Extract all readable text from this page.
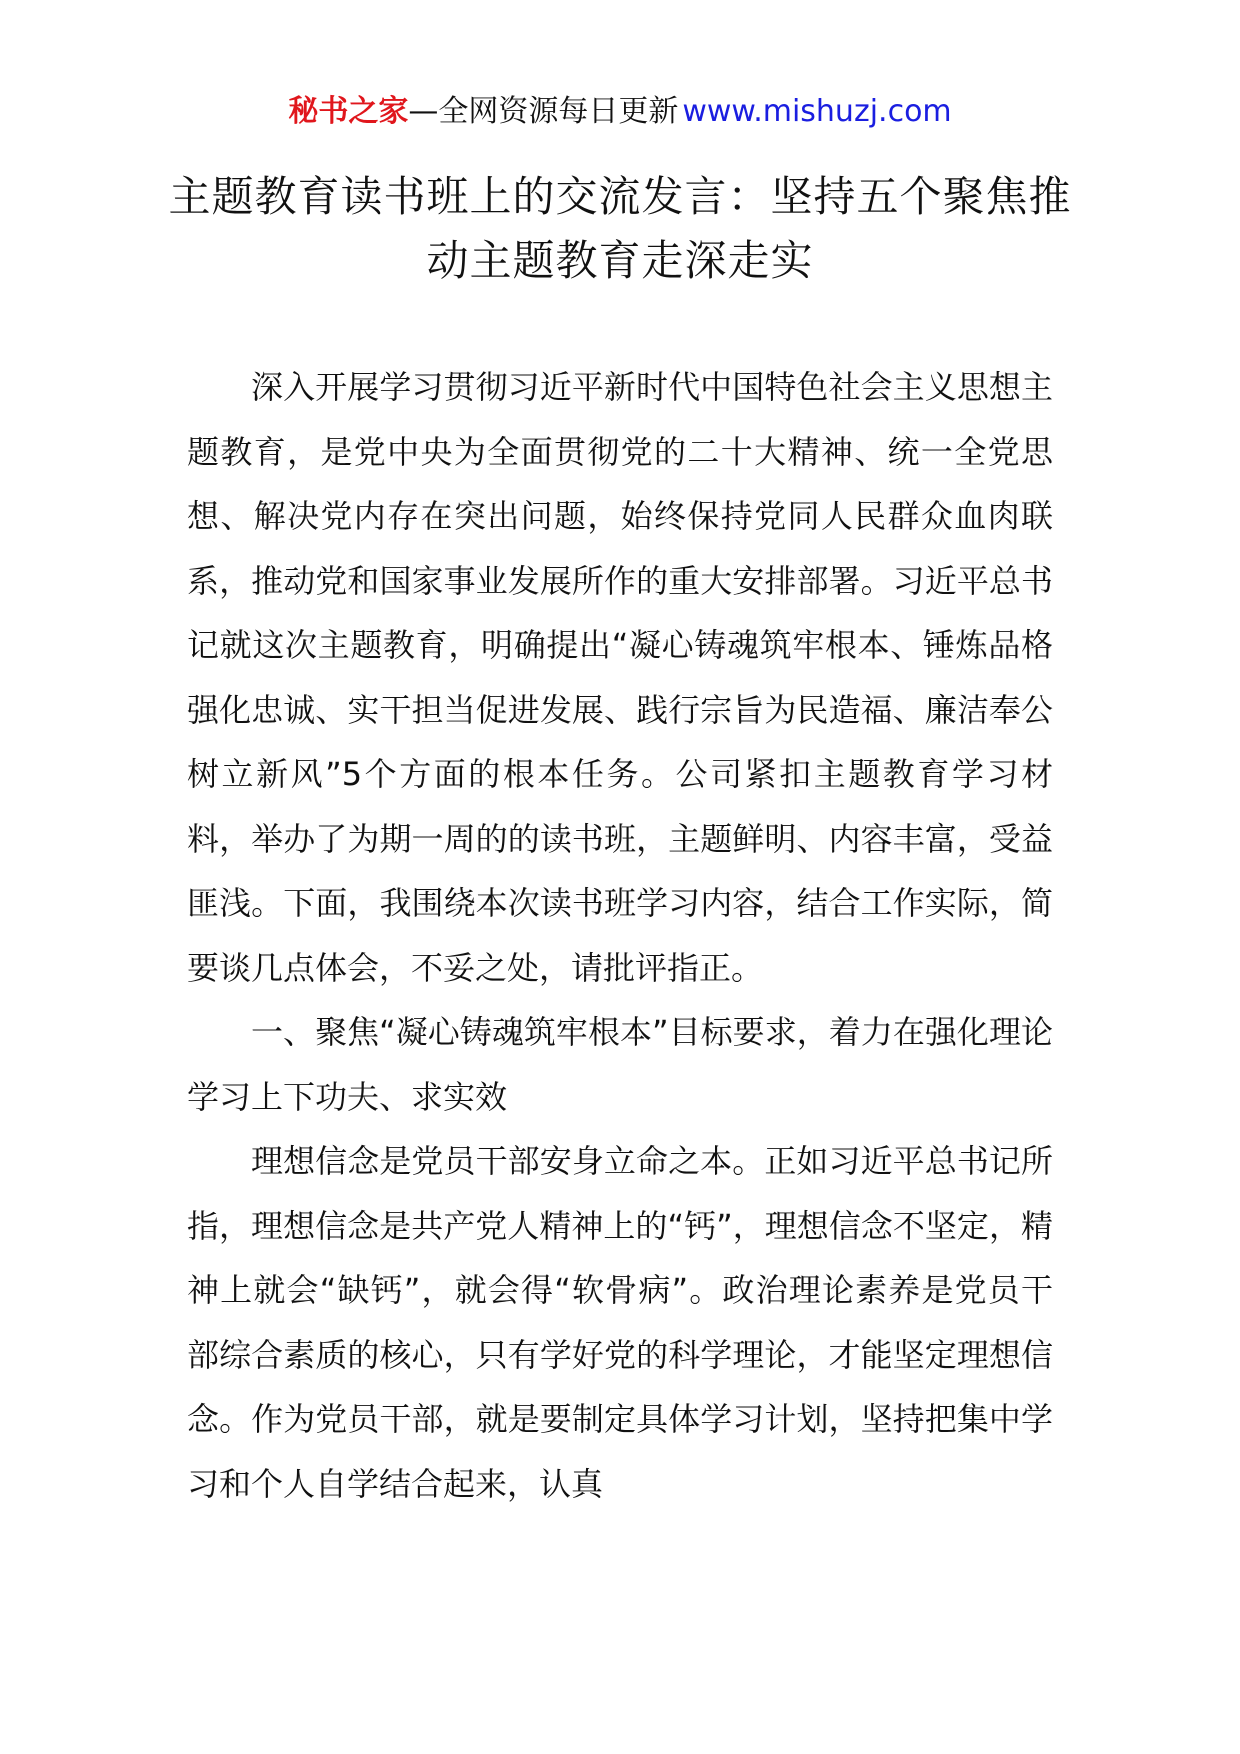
秘书之家—全网资源每日更新 www.mishuzj.com
主题教育读书班上的交流发言：坚持五个聚焦推动主题教育走深走实

深入开展学习贯彻习近平新时代中国特色社会主义思想主题教育，是党中央为全面贯彻党的二十大精神、统一全党思想、解决党内存在突出问题，始终保持党同人民群众血肉联系，推动党和国家事业发展所作的重大安排部署。习近平总书记就这次主题教育，明确提出“凝心铸魂筑牢根本、锤炼品格强化忠诚、实干担当促进发展、践行宗旨为民造福、廉洁奉公树立新风”5个方面的根本任务。公司紧扣主题教育学习材料，举办了为期一周的的读书班，主题鲜明、内容丰富，受益匪浅。下面，我围绕本次读书班学习内容，结合工作实际，简要谈几点体会，不妥之处，请批评指正。

一、聚焦“凝心铸魂筑牢根本”目标要求，着力在强化理论学习上下功夫、求实效

理想信念是党员干部安身立命之本。正如习近平总书记所指，理想信念是共产党人精神上的“钙”，理想信念不坚定，精神上就会“缺钙”，就会得“软骨病”。政治理论素养是党员干部综合素质的核心，只有学好党的科学理论，才能坚定理想信念。作为党员干部，就是要制定具体学习计划，坚持把集中学习和个人自学结合起来，认真
